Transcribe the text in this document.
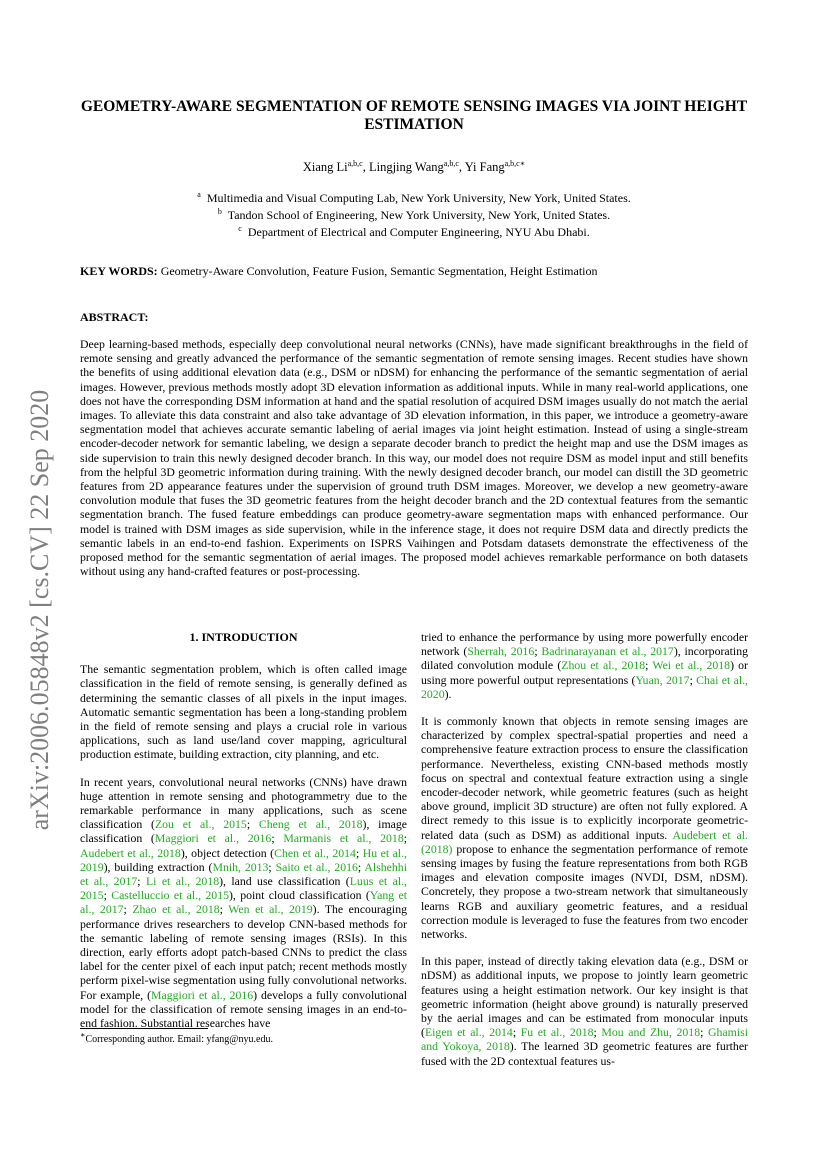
arXiv:2006.05848v2 [cs.CV] 22 Sep 2020
GEOMETRY-AWARE SEGMENTATION OF REMOTE SENSING IMAGES VIA JOINT HEIGHT ESTIMATION
Xiang Li$^{a,b,c}$, Lingjing Wang$^{a,b,c}$, Yi Fang$^{a,b,c∗}$
$^a$ Multimedia and Visual Computing Lab, New York University, New York, United States.
$^b$ Tandon School of Engineering, New York University, New York, United States.
$^c$ Department of Electrical and Computer Engineering, NYU Abu Dhabi.
KEY WORDS: Geometry-Aware Convolution, Feature Fusion, Semantic Segmentation, Height Estimation
ABSTRACT:

Deep learning-based methods, especially deep convolutional neural networks (CNNs), have made significant breakthroughs in the field of remote sensing and greatly advanced the performance of the semantic segmentation of remote sensing images. Recent studies have shown the benefits of using additional elevation data (e.g., DSM or nDSM) for enhancing the performance of the semantic segmentation of aerial images. However, previous methods mostly adopt 3D elevation information as additional inputs. While in many real-world applications, one does not have the corresponding DSM information at hand and the spatial resolution of acquired DSM images usually do not match the aerial images. To alleviate this data constraint and also take advantage of 3D elevation information, in this paper, we introduce a geometry-aware segmentation model that achieves accurate semantic labeling of aerial images via joint height estimation. Instead of using a single-stream encoder-decoder network for semantic labeling, we design a separate decoder branch to predict the height map and use the DSM images as side supervision to train this newly designed decoder branch. In this way, our model does not require DSM as model input and still benefits from the helpful 3D geometric information during training. With the newly designed decoder branch, our model can distill the 3D geometric features from 2D appearance features under the supervision of ground truth DSM images. Moreover, we develop a new geometry-aware convolution module that fuses the 3D geometric features from the height decoder branch and the 2D contextual features from the semantic segmentation branch. The fused feature embeddings can produce geometry-aware segmentation maps with enhanced performance. Our model is trained with DSM images as side supervision, while in the inference stage, it does not require DSM data and directly predicts the semantic labels in an end-to-end fashion. Experiments on ISPRS Vaihingen and Potsdam datasets demonstrate the effectiveness of the proposed method for the semantic segmentation of aerial images. The proposed model achieves remarkable performance on both datasets without using any hand-crafted features or post-processing.

1. INTRODUCTION

The semantic segmentation problem, which is often called image classification in the field of remote sensing, is generally defined as determining the semantic classes of all pixels in the input images. Automatic semantic segmentation has been a long-standing problem in the field of remote sensing and plays a crucial role in various applications, such as land use/land cover mapping, agricultural production estimate, building extraction, city planning, and etc.

In recent years, convolutional neural networks (CNNs) have drawn huge attention in remote sensing and photogrammetry due to the remarkable performance in many applications, such as scene classification (Zou et al., 2015; Cheng et al., 2018), image classification (Maggiori et al., 2016; Marmanis et al., 2018; Audebert et al., 2018), object detection (Chen et al., 2014; Hu et al., 2019), building extraction (Mnih, 2013; Saito et al., 2016; Alshehhi et al., 2017; Li et al., 2018), land use classification (Luus et al., 2015; Castelluccio et al., 2015), point cloud classification (Yang et al., 2017; Zhao et al., 2018; Wen et al., 2019). The encouraging performance drives researchers to develop CNN-based methods for the semantic labeling of remote sensing images (RSIs). In this direction, early efforts adopt patch-based CNNs to predict the class label for the center pixel of each input patch; recent methods mostly perform pixel-wise segmentation using fully convolutional networks. For example, (Maggiori et al., 2016) develops a fully convolutional model for the classification of remote sensing images in an end-to-end fashion. Substantial researches have

tried to enhance the performance by using more powerfully encoder network (Sherrah, 2016; Badrinarayanan et al., 2017), incorporating dilated convolution module (Zhou et al., 2018; Wei et al., 2018) or using more powerful output representations (Yuan, 2017; Chai et al., 2020).

It is commonly known that objects in remote sensing images are characterized by complex spectral-spatial properties and need a comprehensive feature extraction process to ensure the classification performance. Nevertheless, existing CNN-based methods mostly focus on spectral and contextual feature extraction using a single encoder-decoder network, while geometric features (such as height above ground, implicit 3D structure) are often not fully explored. A direct remedy to this issue is to explicitly incorporate geometric-related data (such as DSM) as additional inputs. Audebert et al. (2018) propose to enhance the segmentation performance of remote sensing images by fusing the feature representations from both RGB images and elevation composite images (NVDI, DSM, nDSM). Concretely, they propose a two-stream network that simultaneously learns RGB and auxiliary geometric features, and a residual correction module is leveraged to fuse the features from two encoder networks.

In this paper, instead of directly taking elevation data (e.g., DSM or nDSM) as additional inputs, we propose to jointly learn geometric features using a height estimation network. Our key insight is that geometric information (height above ground) is naturally preserved by the aerial images and can be estimated from monocular inputs (Eigen et al., 2014; Fu et al., 2018; Mou and Zhu, 2018; Ghamisi and Yokoya, 2018). The learned 3D geometric features are further fused with the 2D contextual features us-

∗Corresponding author. Email: yfang@nyu.edu.
